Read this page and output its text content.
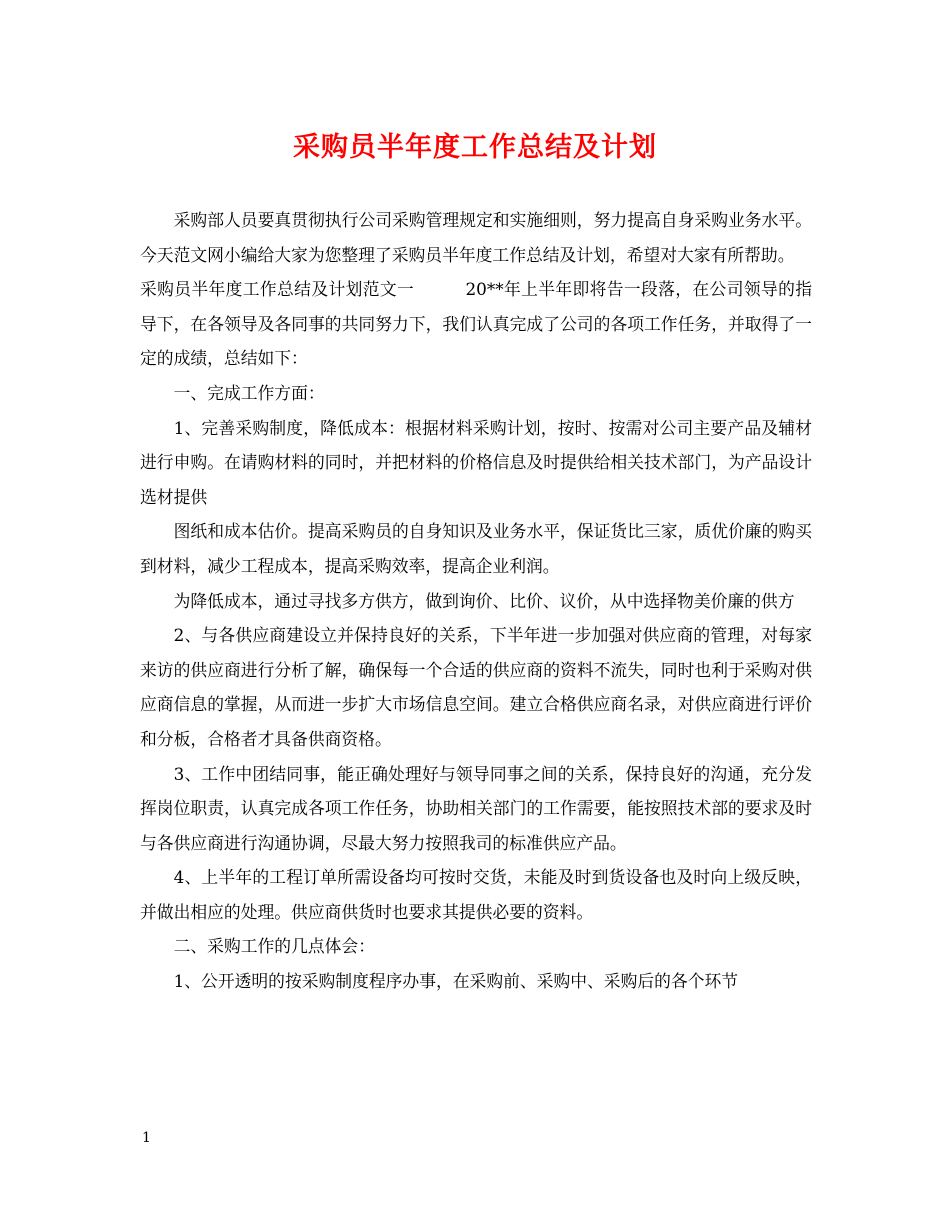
采购员半年度工作总结及计划

采购部人员要真贯彻执行公司采购管理规定和实施细则，努力提高自身采购业务水平。今天范文网小编给大家为您整理了采购员半年度工作总结及计划，希望对大家有所帮助。

采购员半年度工作总结及计划范文一　　　20**年上半年即将告一段落，在公司领导的指导下，在各领导及各同事的共同努力下，我们认真完成了公司的各项工作任务，并取得了一定的成绩，总结如下：

一、完成工作方面：

1、完善采购制度，降低成本：根据材料采购计划，按时、按需对公司主要产品及辅材进行申购。在请购材料的同时，并把材料的价格信息及时提供给相关技术部门，为产品设计选材提供

图纸和成本估价。提高采购员的自身知识及业务水平，保证货比三家，质优价廉的购买到材料，减少工程成本，提高采购效率，提高企业利润。

为降低成本，通过寻找多方供方，做到询价、比价、议价，从中选择物美价廉的供方

2、与各供应商建设立并保持良好的关系，下半年进一步加强对供应商的管理，对每家来访的供应商进行分析了解，确保每一个合适的供应商的资料不流失，同时也利于采购对供应商信息的掌握，从而进一步扩大市场信息空间。建立合格供应商名录，对供应商进行评价和分板，合格者才具备供商资格。

3、工作中团结同事，能正确处理好与领导同事之间的关系，保持良好的沟通，充分发挥岗位职责，认真完成各项工作任务，协助相关部门的工作需要，能按照技术部的要求及时与各供应商进行沟通协调，尽最大努力按照我司的标准供应产品。

4、上半年的工程订单所需设备均可按时交货，未能及时到货设备也及时向上级反映，并做出相应的处理。供应商供货时也要求其提供必要的资料。

二、采购工作的几点体会：

1、公开透明的按采购制度程序办事，在采购前、采购中、采购后的各个环节

1
